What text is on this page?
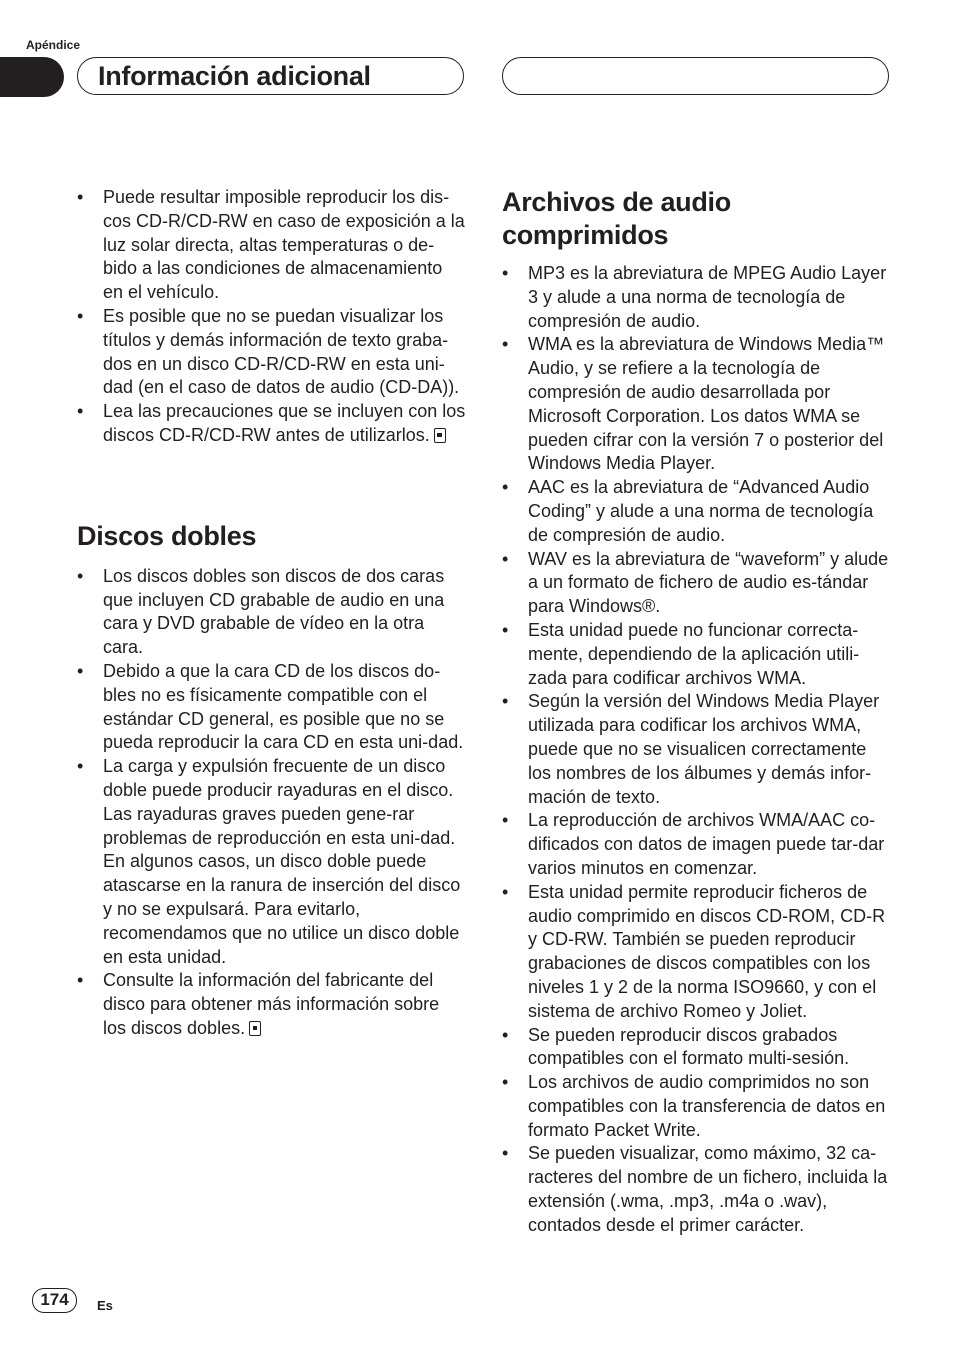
Apéndice
Información adicional
• Puede resultar imposible reproducir los dis-cos CD-R/CD-RW en caso de exposición a la luz solar directa, altas temperaturas o de-bido a las condiciones de almacenamiento en el vehículo.
• Es posible que no se puedan visualizar los títulos y demás información de texto graba-dos en un disco CD-R/CD-RW en esta uni-dad (en el caso de datos de audio (CD-DA)).
• Lea las precauciones que se incluyen con los discos CD-R/CD-RW antes de utilizarlos.
Discos dobles
• Los discos dobles son discos de dos caras que incluyen CD grabable de audio en una cara y DVD grabable de vídeo en la otra cara.
• Debido a que la cara CD de los discos do-bles no es físicamente compatible con el estándar CD general, es posible que no se pueda reproducir la cara CD en esta uni-dad.
• La carga y expulsión frecuente de un disco doble puede producir rayaduras en el disco. Las rayaduras graves pueden gene-rar problemas de reproducción en esta uni-dad. En algunos casos, un disco doble puede atascarse en la ranura de inserción del disco y no se expulsará. Para evitarlo, recomendamos que no utilice un disco doble en esta unidad.
• Consulte la información del fabricante del disco para obtener más información sobre los discos dobles.
Archivos de audio
comprimidos
• MP3 es la abreviatura de MPEG Audio Layer 3 y alude a una norma de tecnología de compresión de audio.
• WMA es la abreviatura de Windows Media™ Audio, y se refiere a la tecnología de compresión de audio desarrollada por Microsoft Corporation. Los datos WMA se pueden cifrar con la versión 7 o posterior del Windows Media Player.
• AAC es la abreviatura de “Advanced Audio Coding” y alude a una norma de tecnología de compresión de audio.
• WAV es la abreviatura de “waveform” y alude a un formato de fichero de audio es-tándar para Windows®.
• Esta unidad puede no funcionar correcta-mente, dependiendo de la aplicación utili-zada para codificar archivos WMA.
• Según la versión del Windows Media Player utilizada para codificar los archivos WMA, puede que no se visualicen correctamente los nombres de los álbumes y demás infor-mación de texto.
• La reproducción de archivos WMA/AAC co-dificados con datos de imagen puede tar-dar varios minutos en comenzar.
• Esta unidad permite reproducir ficheros de audio comprimido en discos CD-ROM, CD-R y CD-RW. También se pueden reproducir grabaciones de discos compatibles con los niveles 1 y 2 de la norma ISO9660, y con el sistema de archivo Romeo y Joliet.
• Se pueden reproducir discos grabados compatibles con el formato multi-sesión.
• Los archivos de audio comprimidos no son compatibles con la transferencia de datos en formato Packet Write.
• Se pueden visualizar, como máximo, 32 ca-racteres del nombre de un fichero, incluida la extensión (.wma, .mp3, .m4a o .wav), contados desde el primer carácter.
174	Es
